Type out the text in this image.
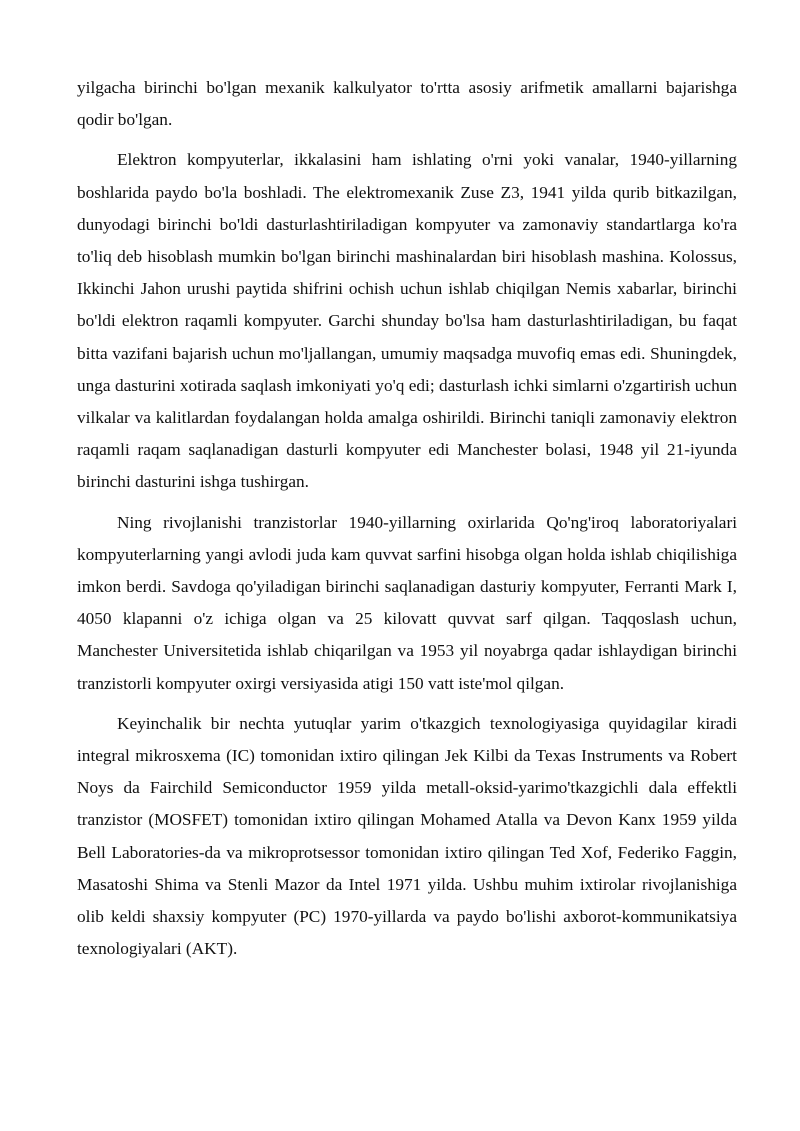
yilgacha birinchi bo'lgan mexanik kalkulyator to'rtta asosiy arifmetik amallarni bajarishga qodir bo'lgan.

Elektron kompyuterlar, ikkalasini ham ishlating o'rni yoki vanalar, 1940-yillarning boshlarida paydo bo'la boshladi. The elektromexanik Zuse Z3, 1941 yilda qurib bitkazilgan, dunyodagi birinchi bo'ldi dasturlashtiriladigan kompyuter va zamonaviy standartlarga ko'ra to'liq deb hisoblash mumkin bo'lgan birinchi mashinalardan biri hisoblash mashina. Kolossus, Ikkinchi Jahon urushi paytida shifrini ochish uchun ishlab chiqilgan Nemis xabarlar, birinchi bo'ldi elektron raqamli kompyuter. Garchi shunday bo'lsa ham dasturlashtiriladigan, bu faqat bitta vazifani bajarish uchun mo'ljallangan, umumiy maqsadga muvofiq emas edi. Shuningdek, unga dasturini xotirada saqlash imkoniyati yo'q edi; dasturlash ichki simlarni o'zgartirish uchun vilkalar va kalitlardan foydalangan holda amalga oshirildi. Birinchi taniqli zamonaviy elektron raqamli raqam saqlanadigan dasturli kompyuter edi Manchester bolasi, 1948 yil 21-iyunda birinchi dasturini ishga tushirgan.

Ning rivojlanishi tranzistorlar 1940-yillarning oxirlarida Qo'ng'iroq laboratoriyalari kompyuterlarning yangi avlodi juda kam quvvat sarfini hisobga olgan holda ishlab chiqilishiga imkon berdi. Savdoga qo'yiladigan birinchi saqlanadigan dasturiy kompyuter, Ferranti Mark I, 4050 klapanni o'z ichiga olgan va 25 kilovatt quvvat sarf qilgan. Taqqoslash uchun, Manchester Universitetida ishlab chiqarilgan va 1953 yil noyabrga qadar ishlaydigan birinchi tranzistorli kompyuter oxirgi versiyasida atigi 150 vatt iste'mol qilgan.

Keyinchalik bir nechta yutuqlar yarim o'tkazgich texnologiyasiga quyidagilar kiradi integral mikrosxema (IC) tomonidan ixtiro qilingan Jek Kilbi da Texas Instruments va Robert Noys da Fairchild Semiconductor 1959 yilda metall-oksid-yarimo'tkazgichli dala effektli tranzistor (MOSFET) tomonidan ixtiro qilingan Mohamed Atalla va Devon Kanx 1959 yilda Bell Laboratories-da va mikroprotsessor tomonidan ixtiro qilingan Ted Xof, Federiko Faggin, Masatoshi Shima va Stenli Mazor da Intel 1971 yilda. Ushbu muhim ixtirolar rivojlanishiga olib keldi shaxsiy kompyuter (PC) 1970-yillarda va paydo bo'lishi axborot-kommunikatsiya texnologiyalari (AKT).
